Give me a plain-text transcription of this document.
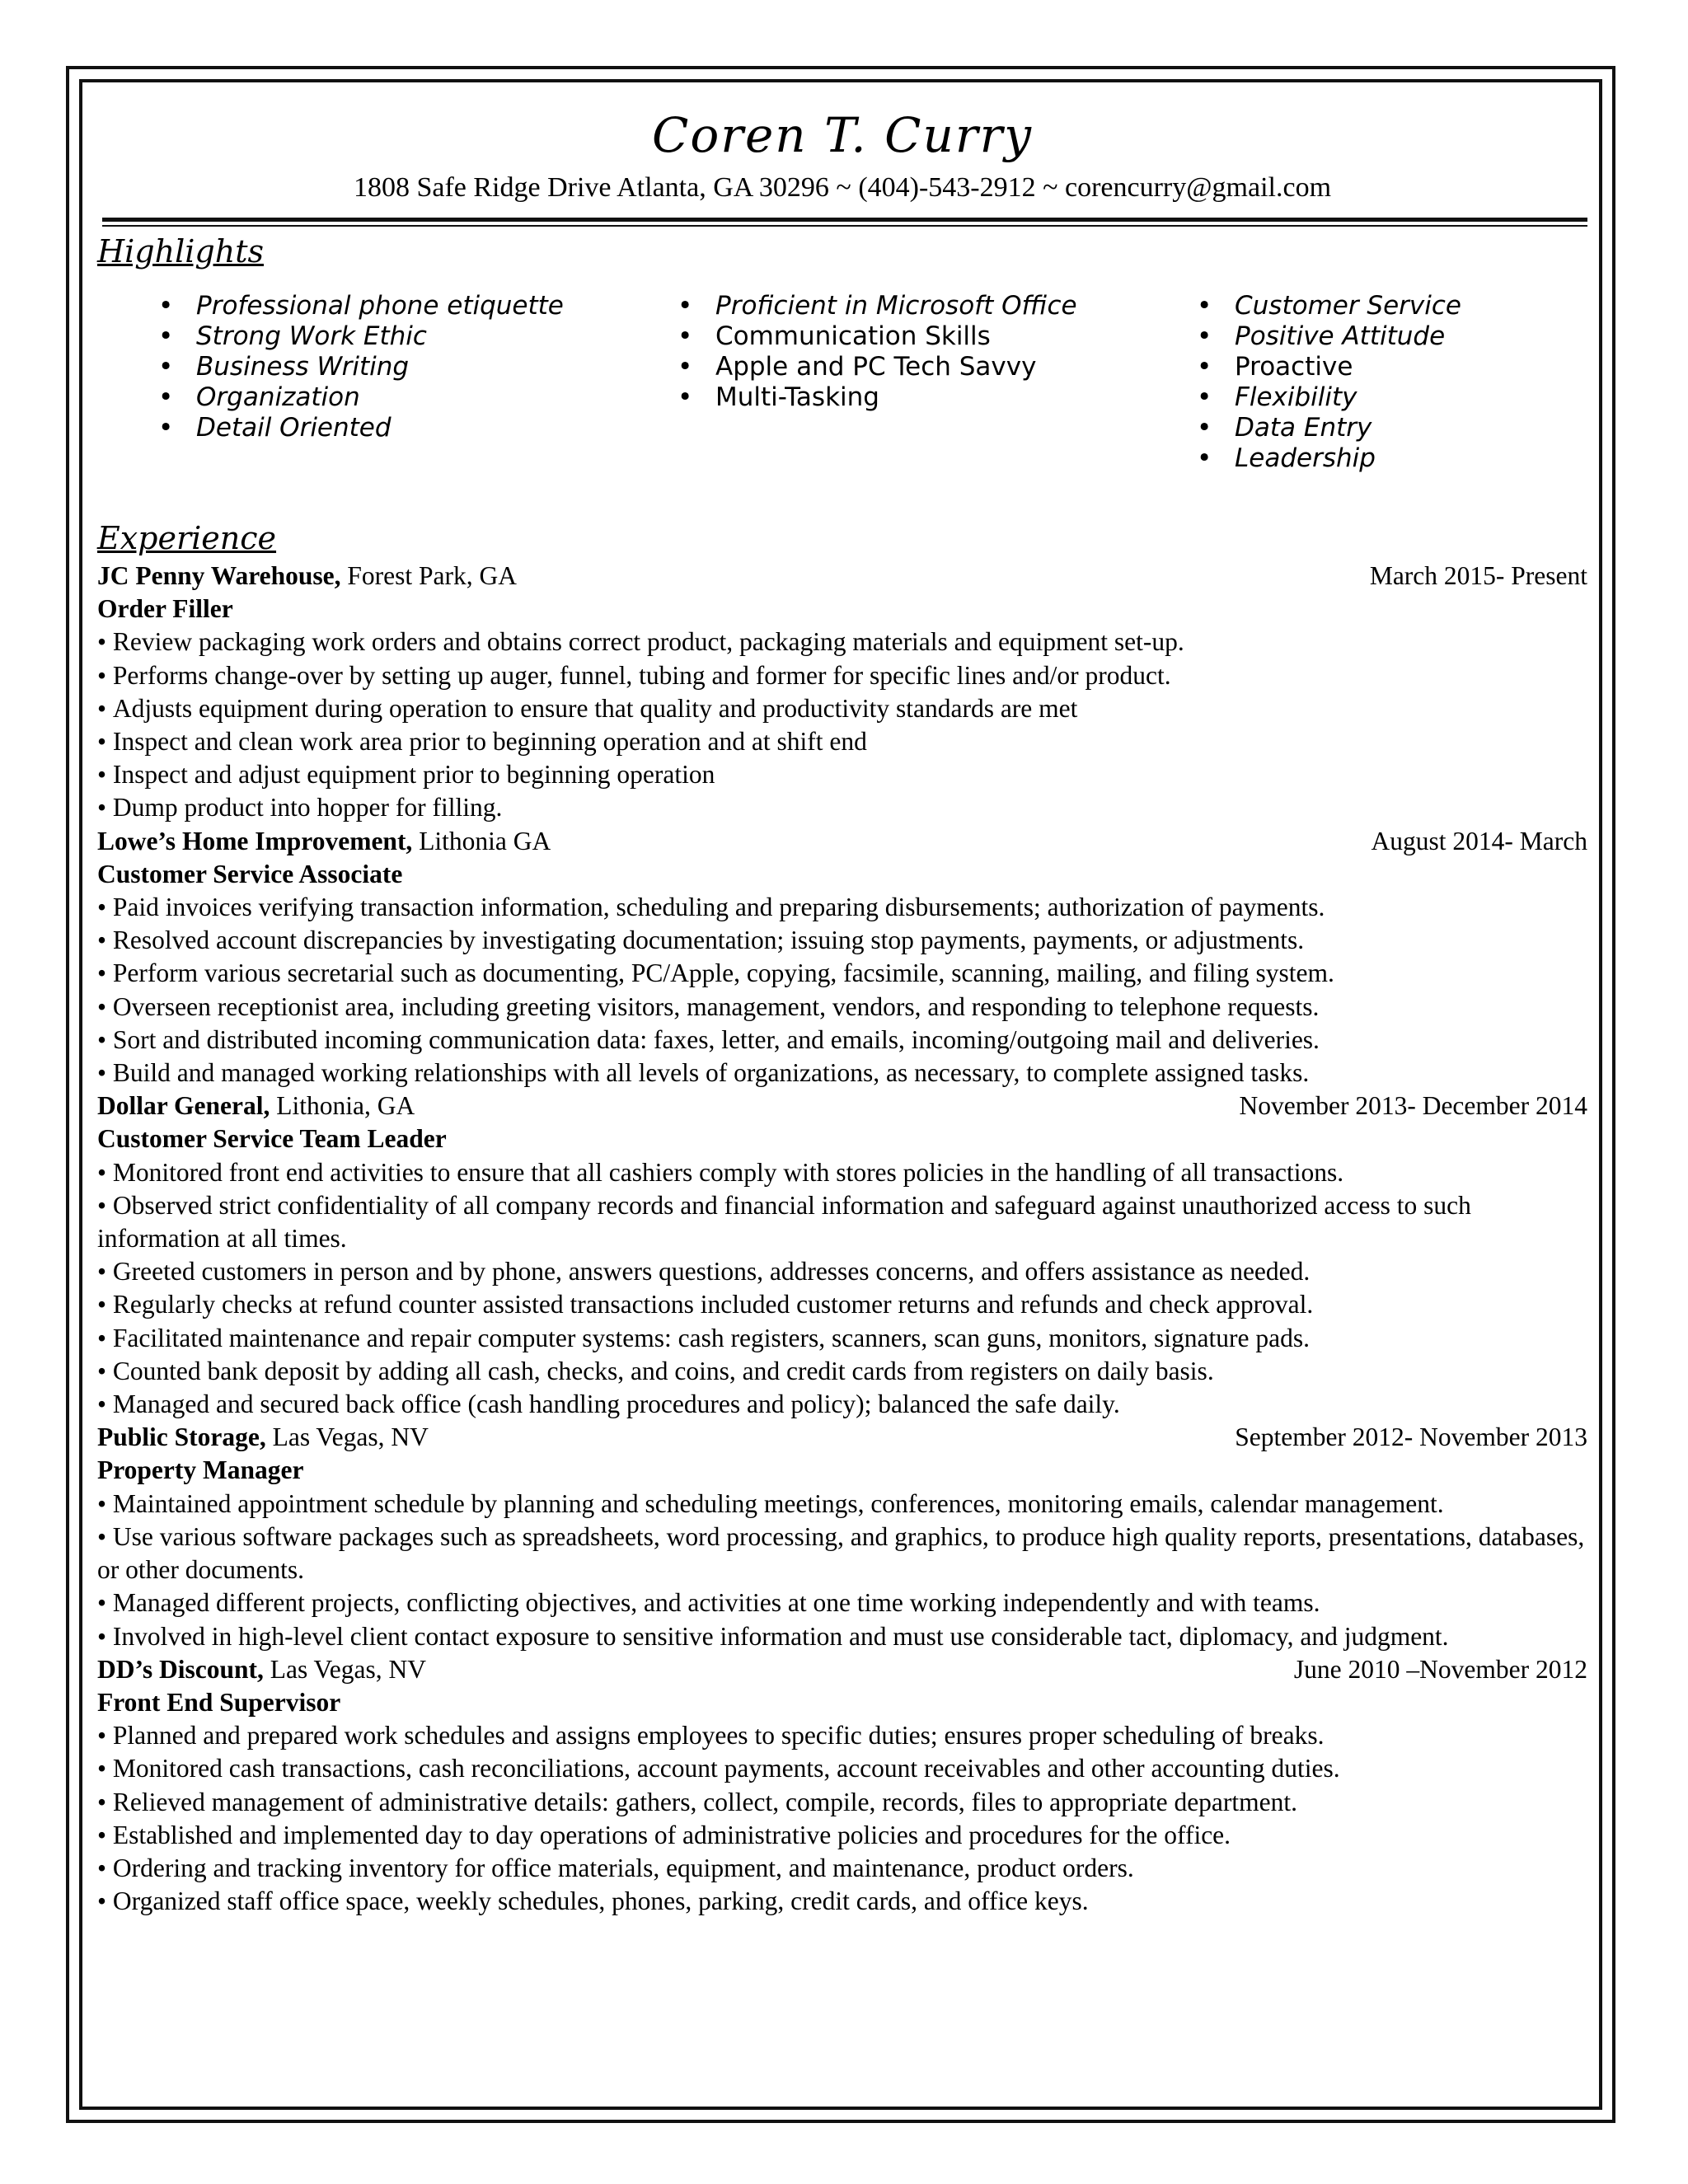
Coren T. Curry
1808 Safe Ridge Drive Atlanta, GA 30296 ~ (404)-543-2912 ~ corencurry@gmail.com
Highlights
• Professional phone etiquette
• Strong Work Ethic
• Business Writing
• Organization
• Detail Oriented
• Proficient in Microsoft Office
• Communication Skills
• Apple and PC Tech Savvy
• Multi-Tasking
• Customer Service
• Positive Attitude
• Proactive
• Flexibility
• Data Entry
• Leadership
Experience
JC Penny Warehouse, Forest Park, GA	March 2015- Present
Order Filler
• Review packaging work orders and obtains correct product, packaging materials and equipment set-up.
• Performs change-over by setting up auger, funnel, tubing and former for specific lines and/or product.
• Adjusts equipment during operation to ensure that quality and productivity standards are met
• Inspect and clean work area prior to beginning operation and at shift end
• Inspect and adjust equipment prior to beginning operation
• Dump product into hopper for filling.
Lowe’s Home Improvement, Lithonia GA	August 2014- March
Customer Service Associate
• Paid invoices verifying transaction information, scheduling and preparing disbursements; authorization of payments.
• Resolved account discrepancies by investigating documentation; issuing stop payments, payments, or adjustments.
• Perform various secretarial such as documenting, PC/Apple, copying, facsimile, scanning, mailing, and filing system.
• Overseen receptionist area, including greeting visitors, management, vendors, and responding to telephone requests.
• Sort and distributed incoming communication data: faxes, letter, and emails, incoming/outgoing mail and deliveries.
• Build and managed working relationships with all levels of organizations, as necessary, to complete assigned tasks.
Dollar General, Lithonia, GA	November 2013- December 2014
Customer Service Team Leader
• Monitored front end activities to ensure that all cashiers comply with stores policies in the handling of all transactions.
• Observed strict confidentiality of all company records and financial information and safeguard against unauthorized access to such information at all times.
• Greeted customers in person and by phone, answers questions, addresses concerns, and offers assistance as needed.
• Regularly checks at refund counter assisted transactions included customer returns and refunds and check approval.
• Facilitated maintenance and repair computer systems: cash registers, scanners, scan guns, monitors, signature pads.
• Counted bank deposit by adding all cash, checks, and coins, and credit cards from registers on daily basis.
• Managed and secured back office (cash handling procedures and policy); balanced the safe daily.
Public Storage, Las Vegas, NV	September 2012- November 2013
Property Manager
• Maintained appointment schedule by planning and scheduling meetings, conferences, monitoring emails, calendar management.
• Use various software packages such as spreadsheets, word processing, and graphics, to produce high quality reports, presentations, databases, or other documents.
• Managed different projects, conflicting objectives, and activities at one time working independently and with teams.
• Involved in high-level client contact exposure to sensitive information and must use considerable tact, diplomacy, and judgment.
DD’s Discount, Las Vegas, NV	June 2010 –November 2012
Front End Supervisor
• Planned and prepared work schedules and assigns employees to specific duties; ensures proper scheduling of breaks.
• Monitored cash transactions, cash reconciliations, account payments, account receivables and other accounting duties.
• Relieved management of administrative details: gathers, collect, compile, records, files to appropriate department.
• Established and implemented day to day operations of administrative policies and procedures for the office.
• Ordering and tracking inventory for office materials, equipment, and maintenance, product orders.
• Organized staff office space, weekly schedules, phones, parking, credit cards, and office keys.
